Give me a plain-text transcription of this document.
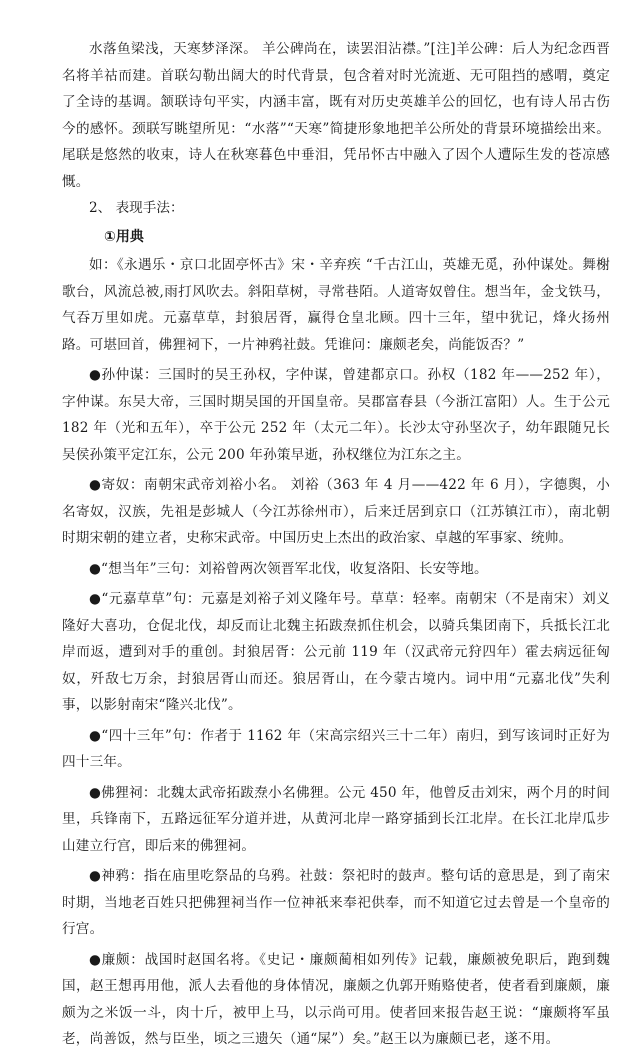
水落鱼梁浅，天寒梦泽深。 羊公碑尚在，读罢泪沾襟。”[注]羊公碑：后人为纪念西晋名将羊祜而建。首联勾勒出阔大的时代背景，包含着对时光流逝、无可阻挡的感喟，奠定了全诗的基调。颔联诗句平实，内涵丰富，既有对历史英雄羊公的回忆，也有诗人吊古伤今的感怀。颈联写眺望所见：“水落”“天寒”简捷形象地把羊公所处的背景环境描绘出来。尾联是悠然的收束，诗人在秋寒暮色中垂泪，凭吊怀古中融入了因个人遭际生发的苍凉感慨。

2、 表现手法：

①用典

如：《永遇乐・京口北固亭怀古》宋・辛弃疾 “千古江山，英雄无觅，孙仲谋处。舞榭歌台，风流总被,雨打风吹去。斜阳草树，寻常巷陌。人道寄奴曾住。想当年，金戈铁马，气吞万里如虎。元嘉草草，封狼居胥，赢得仓皇北顾。四十三年，望中犹记，烽火扬州路。可堪回首，佛狸祠下，一片神鸦社鼓。凭谁问：廉颇老矣，尚能饭否？”

●孙仲谋：三国时的吴王孙权，字仲谋，曾建都京口。孙权（182 年——252 年），字仲谋。东吴大帝，三国时期吴国的开国皇帝。吴郡富春县（今浙江富阳）人。生于公元 182 年（光和五年），卒于公元 252 年（太元二年）。长沙太守孙坚次子，幼年跟随兄长吴侯孙策平定江东，公元 200 年孙策早逝，孙权继位为江东之主。

●寄奴：南朝宋武帝刘裕小名。 刘裕（363 年 4 月——422 年 6 月），字德舆，小名寄奴，汉族，先祖是彭城人（今江苏徐州市），后来迁居到京口（江苏镇江市），南北朝时期宋朝的建立者，史称宋武帝。中国历史上杰出的政治家、卓越的军事家、统帅。

●“想当年”三句：刘裕曾两次领晋军北伐，收复洛阳、长安等地。

●“元嘉草草”句：元嘉是刘裕子刘义隆年号。草草：轻率。南朝宋（不是南宋）刘义隆好大喜功，仓促北伐，却反而让北魏主拓跋焘抓住机会，以骑兵集团南下，兵抵长江北岸而返，遭到对手的重创。封狼居胥：公元前 119 年（汉武帝元狩四年）霍去病远征匈奴，歼敌七万余，封狼居胥山而还。狼居胥山，在今蒙古境内。词中用“元嘉北伐”失利事，以影射南宋“隆兴北伐”。

●“四十三年”句：作者于 1162 年（宋高宗绍兴三十二年）南归，到写该词时正好为四十三年。

●佛狸祠：北魏太武帝拓跋焘小名佛狸。公元 450 年，他曾反击刘宋，两个月的时间里，兵锋南下，五路远征军分道并进，从黄河北岸一路穿插到长江北岸。在长江北岸瓜步山建立行宫，即后来的佛狸祠。

●神鸦：指在庙里吃祭品的乌鸦。社鼓：祭祀时的鼓声。整句话的意思是，到了南宋时期，当地老百姓只把佛狸祠当作一位神祇来奉祀供奉，而不知道它过去曾是一个皇帝的行宫。

●廉颇：战国时赵国名将。《史记・廉颇蔺相如列传》记载，廉颇被免职后，跑到魏国，赵王想再用他，派人去看他的身体情况，廉颇之仇郭开贿赂使者，使者看到廉颇，廉颇为之米饭一斗，肉十斤，被甲上马，以示尚可用。使者回来报告赵王说：“廉颇将军虽老，尚善饭，然与臣坐，顷之三遗矢（通“屎”）矣。”赵王以为廉颇已老，遂不用。
